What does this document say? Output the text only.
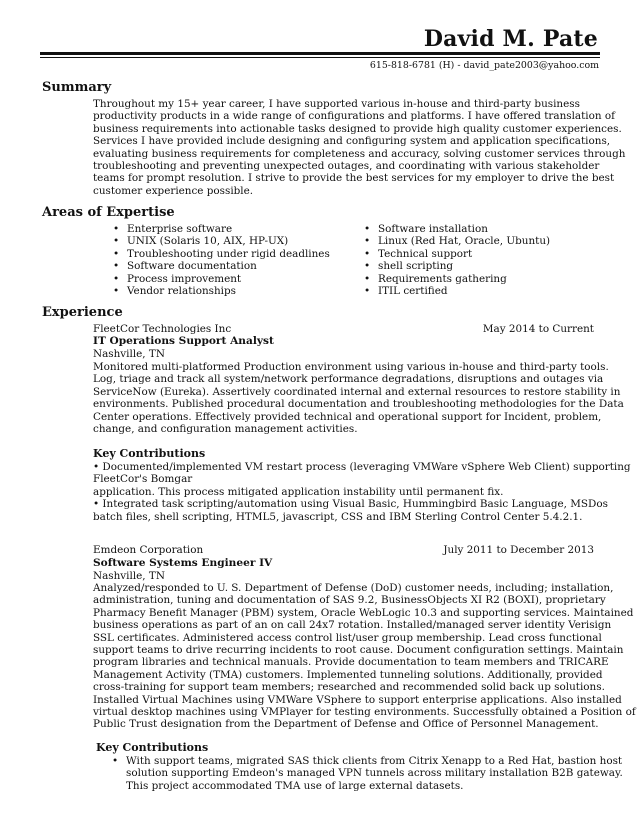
David M. Pate
615-818-6781 (H) - david_pate2003@yahoo.com
Summary
Throughout my 15+ year career, I have supported various in-house and third-party business
productivity products in a wide range of configurations and platforms. I have offered translation of
business requirements into actionable tasks designed to provide high quality customer experiences.
Services I have provided include designing and configuring system and application specifications,
evaluating business requirements for completeness and accuracy, solving customer services through
troubleshooting and preventing unexpected outages, and coordinating with various stakeholder
teams for prompt resolution. I strive to provide the best services for my employer to drive the best
customer experience possible.
Areas of Expertise
• Enterprise software
• UNIX (Solaris 10, AIX, HP-UX)
• Troubleshooting under rigid deadlines
• Software documentation
• Process improvement
• Vendor relationships
• Software installation
• Linux (Red Hat, Oracle, Ubuntu)
• Technical support
• shell scripting
• Requirements gathering
• ITIL certified
Experience
FleetCor Technologies Inc	May 2014 to Current
IT Operations Support Analyst
Nashville, TN
Monitored multi-platformed Production environment using various in-house and third-party tools.
Log, triage and track all system/network performance degradations, disruptions and outages via
ServiceNow (Eureka). Assertively coordinated internal and external resources to restore stability in
environments. Published procedural documentation and troubleshooting methodologies for the Data
Center operations. Effectively provided technical and operational support for Incident, problem,
change, and configuration management activities.
Key Contributions
• Documented/implemented VM restart process (leveraging VMWare vSphere Web Client) supporting
FleetCor's Bomgar
application. This process mitigated application instability until permanent fix.
• Integrated task scripting/automation using Visual Basic, Hummingbird Basic Language, MSDos
batch files, shell scripting, HTML5, javascript, CSS and IBM Sterling Control Center 5.4.2.1.
Emdeon Corporation	July 2011 to December 2013
Software Systems Engineer IV
Nashville, TN
Analyzed/responded to U. S. Department of Defense (DoD) customer needs, including; installation,
administration, tuning and documentation of SAS 9.2, BusinessObjects XI R2 (BOXI), proprietary
Pharmacy Benefit Manager (PBM) system, Oracle WebLogic 10.3 and supporting services. Maintained
business operations as part of an on call 24x7 rotation. Installed/managed server identity Verisign
SSL certificates. Administered access control list/user group membership. Lead cross functional
support teams to drive recurring incidents to root cause. Document configuration settings. Maintain
program libraries and technical manuals. Provide documentation to team members and TRICARE
Management Activity (TMA) customers. Implemented tunneling solutions. Additionally, provided
cross-training for support team members; researched and recommended solid back up solutions.
Installed Virtual Machines using VMWare VSphere to support enterprise applications. Also installed
virtual desktop machines using VMPlayer for testing environments. Successfully obtained a Position of
Public Trust designation from the Department of Defense and Office of Personnel Management.
Key Contributions
• With support teams, migrated SAS thick clients from Citrix Xenapp to a Red Hat, bastion host
solution supporting Emdeon's managed VPN tunnels across military installation B2B gateway.
This project accommodated TMA use of large external datasets.
